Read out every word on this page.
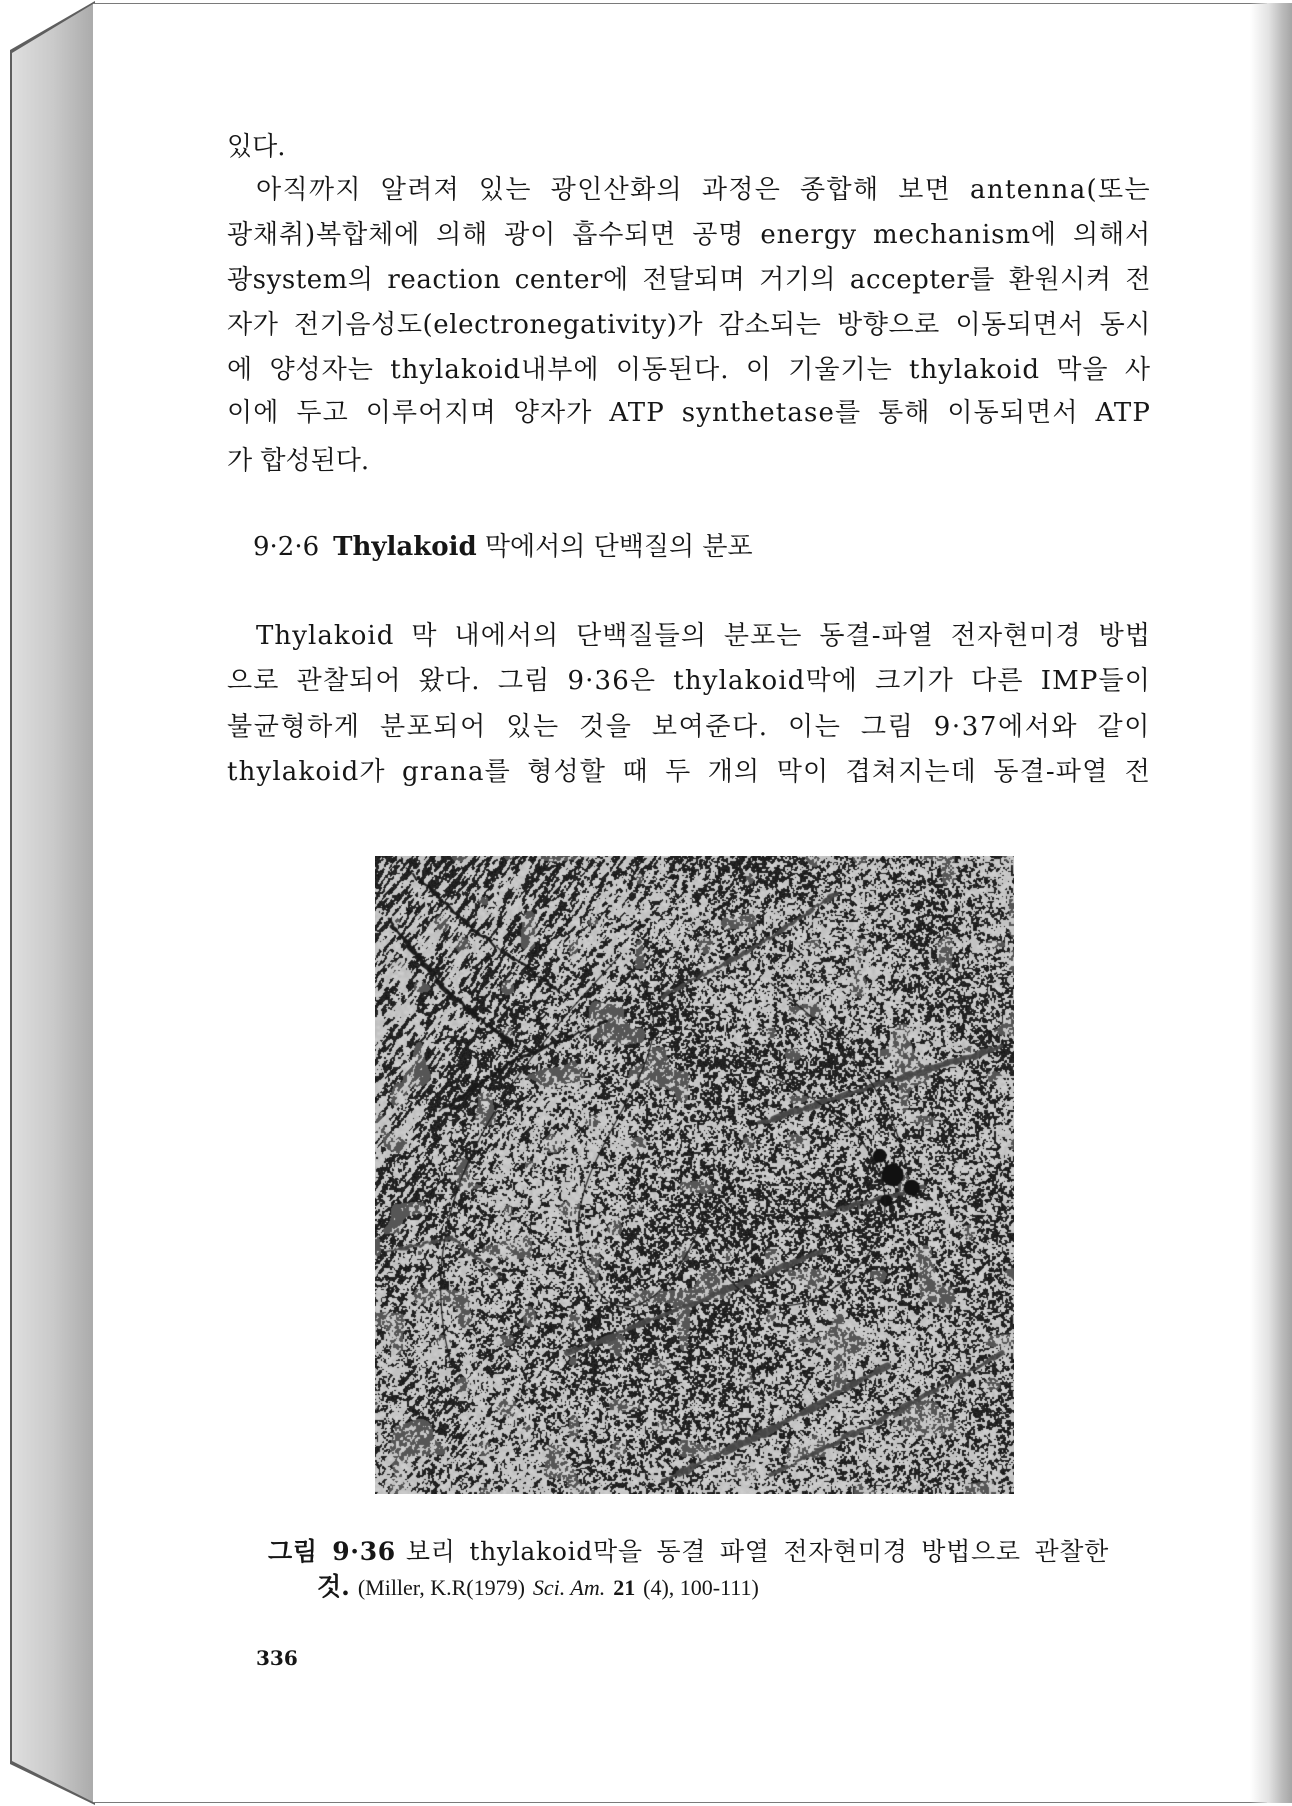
있다.
아직까지 알려져 있는 광인산화의 과정은 종합해 보면 antenna(또는
광채취)복합체에 의해 광이 흡수되면 공명 energy mechanism에 의해서
광system의 reaction center에 전달되며 거기의 accepter를 환원시켜 전
자가 전기음성도(electronegativity)가 감소되는 방향으로 이동되면서 동시
에 양성자는 thylakoid내부에 이동된다. 이 기울기는 thylakoid 막을 사
이에 두고 이루어지며 양자가 ATP synthetase를 통해 이동되면서 ATP
가 합성된다.
9·2·6 Thylakoid 막에서의 단백질의 분포
Thylakoid 막 내에서의 단백질들의 분포는 동결-파열 전자현미경 방법
으로 관찰되어 왔다. 그림 9·36은 thylakoid막에 크기가 다른 IMP들이
불균형하게 분포되어 있는 것을 보여준다. 이는 그림 9·37에서와 같이
thylakoid가 grana를 형성할 때 두 개의 막이 겹쳐지는데 동결-파열 전
그림 9·36 보리 thylakoid막을 동결 파열 전자현미경 방법으로 관찰한
것. (Miller, K.R(1979) Sci. Am. 21 (4), 100-111)
336
